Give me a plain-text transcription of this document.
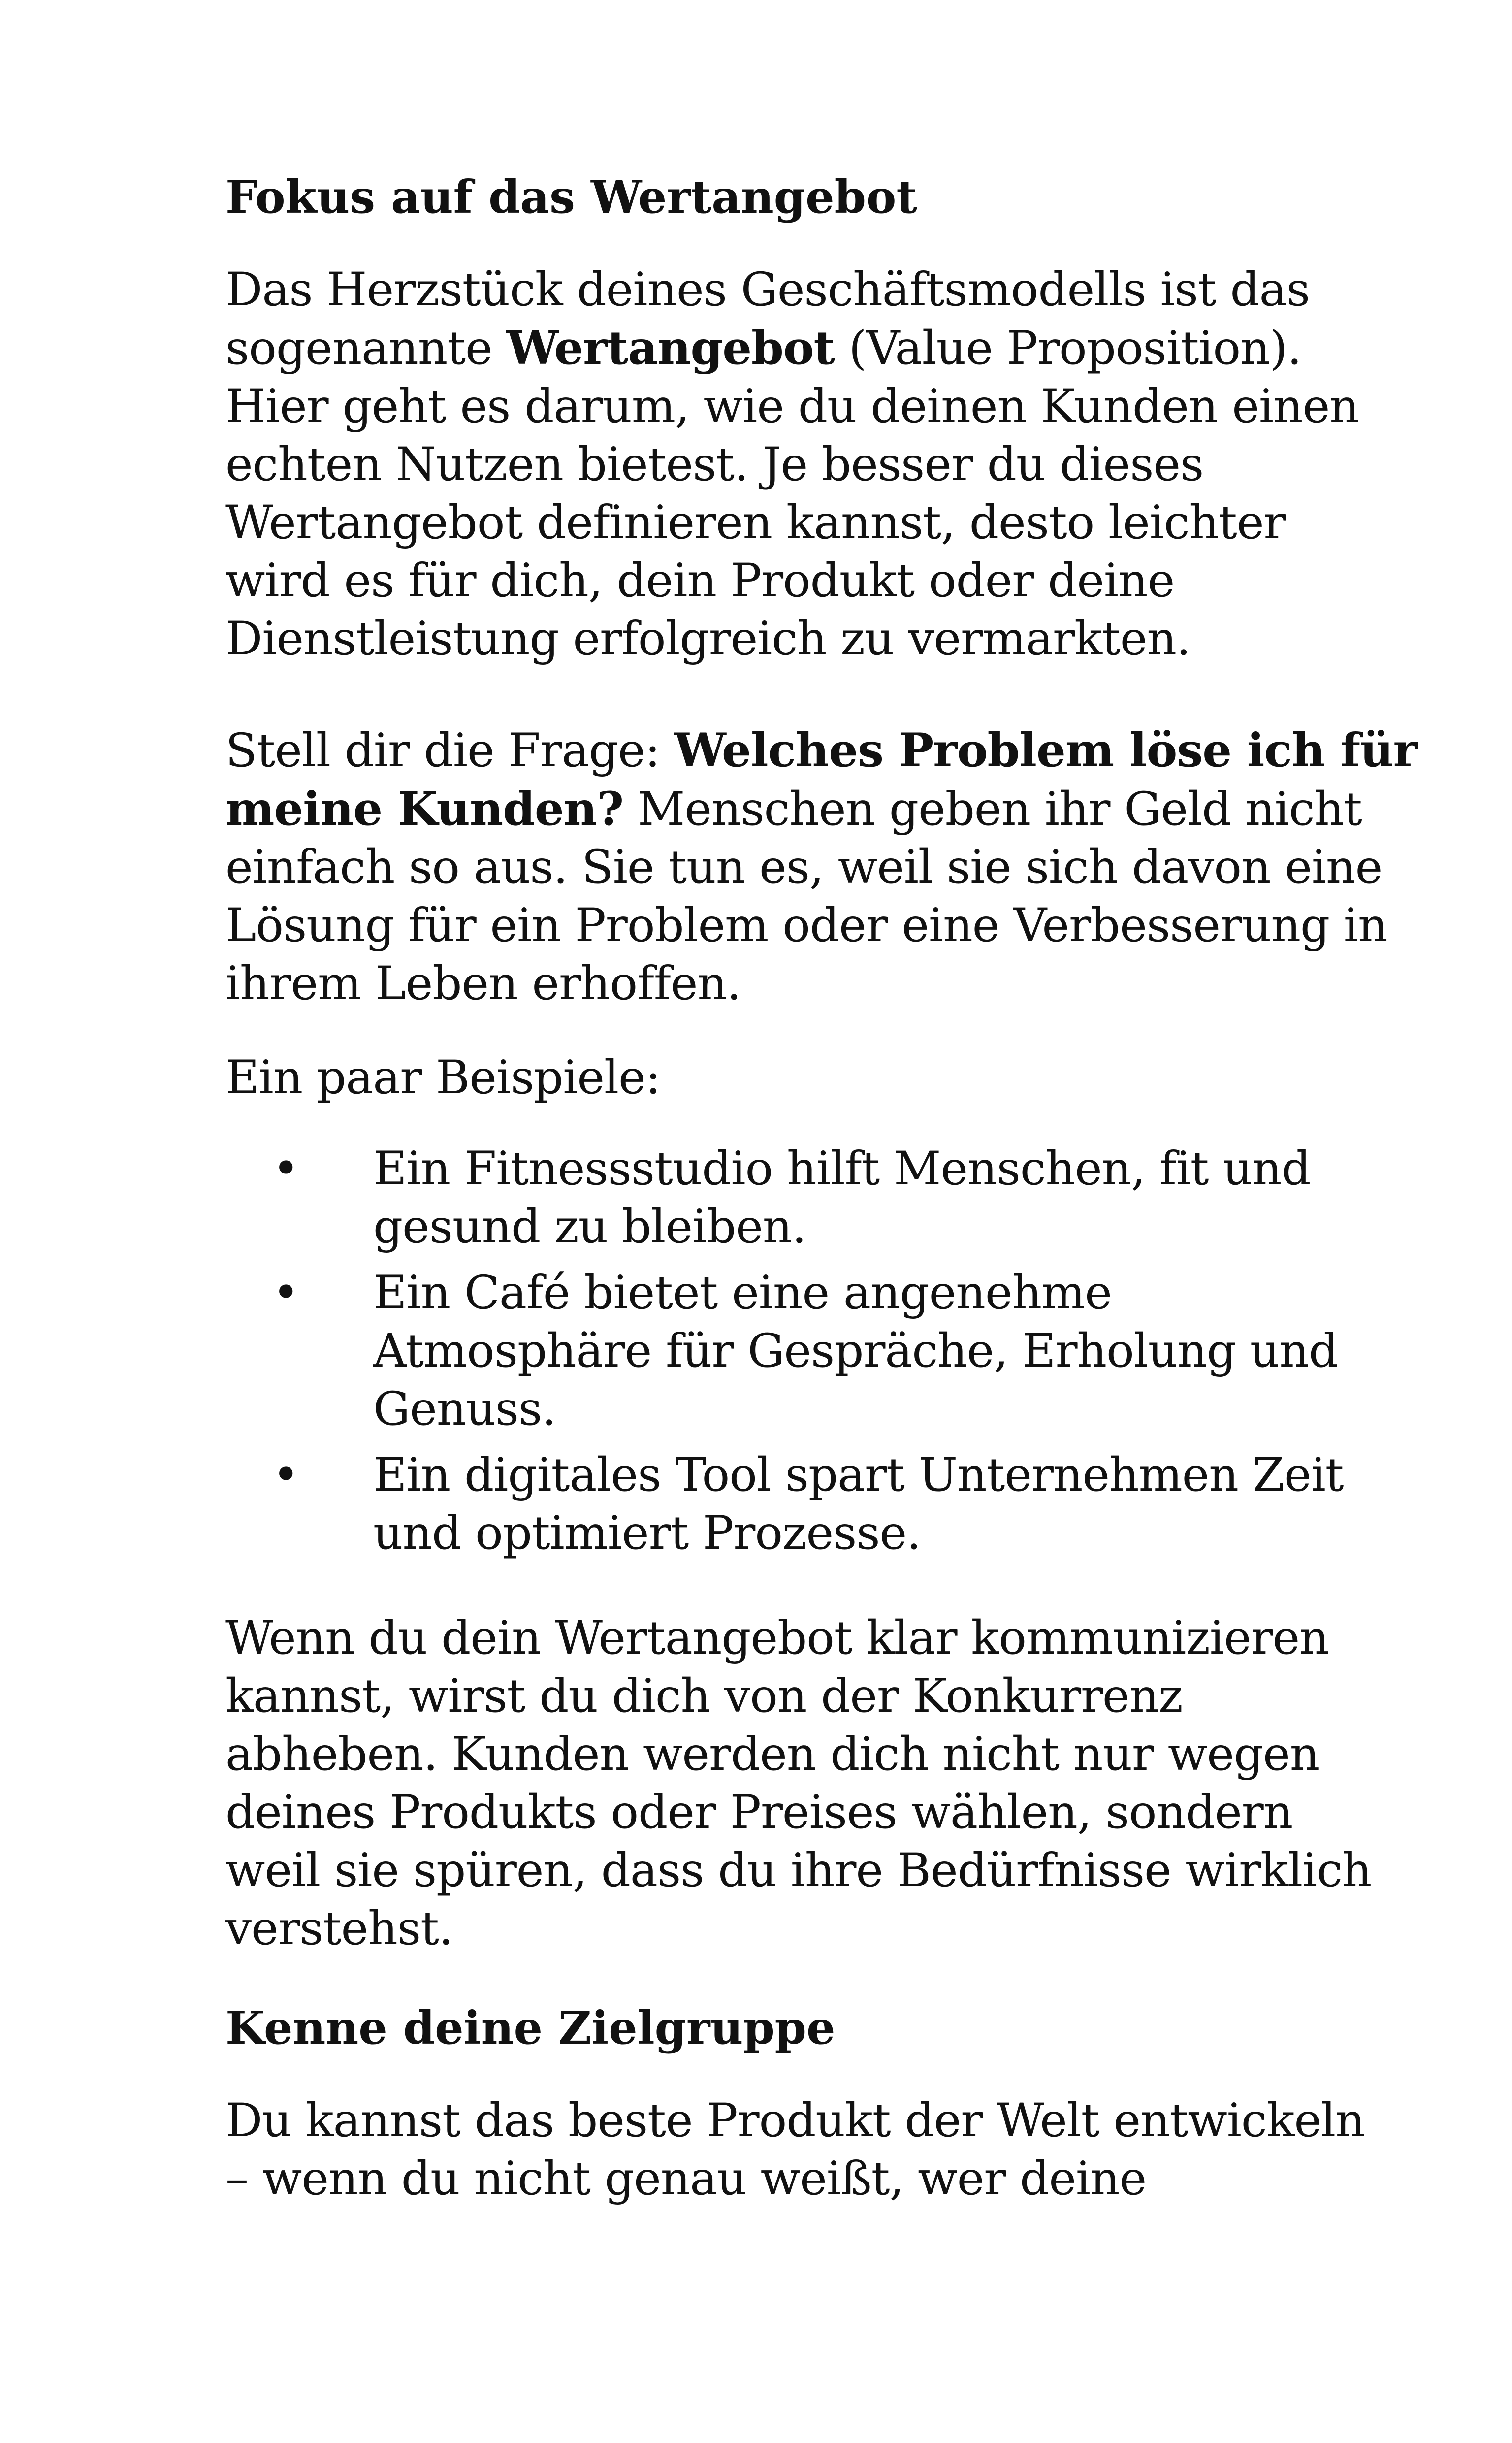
Fokus auf das Wertangebot

Das Herzstück deines Geschäftsmodells ist das
sogenannte Wertangebot (Value Proposition).
Hier geht es darum, wie du deinen Kunden einen
echten Nutzen bietest. Je besser du dieses
Wertangebot definieren kannst, desto leichter
wird es für dich, dein Produkt oder deine
Dienstleistung erfolgreich zu vermarkten.

Stell dir die Frage: Welches Problem löse ich für
meine Kunden? Menschen geben ihr Geld nicht
einfach so aus. Sie tun es, weil sie sich davon eine
Lösung für ein Problem oder eine Verbesserung in
ihrem Leben erhoffen.

Ein paar Beispiele:

• Ein Fitnessstudio hilft Menschen, fit und
gesund zu bleiben.
• Ein Café bietet eine angenehme
Atmosphäre für Gespräche, Erholung und
Genuss.
• Ein digitales Tool spart Unternehmen Zeit
und optimiert Prozesse.

Wenn du dein Wertangebot klar kommunizieren
kannst, wirst du dich von der Konkurrenz
abheben. Kunden werden dich nicht nur wegen
deines Produkts oder Preises wählen, sondern
weil sie spüren, dass du ihre Bedürfnisse wirklich
verstehst.

Kenne deine Zielgruppe

Du kannst das beste Produkt der Welt entwickeln
– wenn du nicht genau weißt, wer deine
